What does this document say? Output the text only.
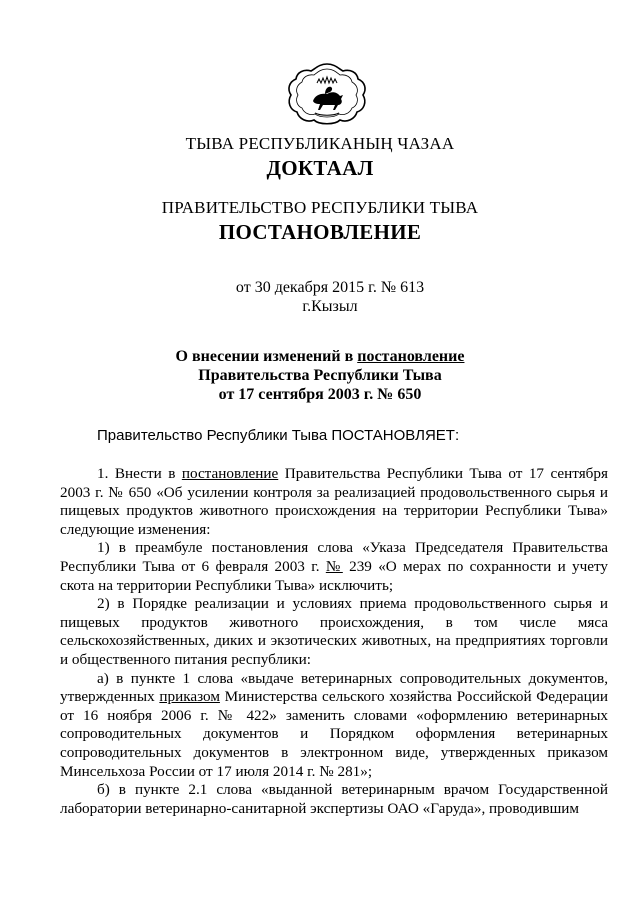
ТЫВА РЕСПУБЛИКАНЫҢ ЧАЗАА
ДОКТААЛ
ПРАВИТЕЛЬСТВО РЕСПУБЛИКИ ТЫВА
ПОСТАНОВЛЕНИЕ
от 30 декабря 2015 г. № 613
г.Кызыл
О внесении изменений в постановление
Правительства Республики Тыва
от 17 сентября 2003 г. № 650
Правительство Республики Тыва ПОСТАНОВЛЯЕТ:

1. Внести в постановление Правительства Республики Тыва от 17 сентября 2003 г. № 650 «Об усилении контроля за реализацией продовольственного сырья и пищевых продуктов животного происхождения на территории Республики Тыва» следующие изменения:

1) в преамбуле постановления слова «Указа Председателя Правительства Республики Тыва от 6 февраля 2003 г. № 239 «О мерах по сохранности и учету скота на территории Республики Тыва» исключить;

2) в Порядке реализации и условиях приема продовольственного сырья и пищевых продуктов животного происхождения, в том числе мяса сельскохозяйственных, диких и экзотических животных, на предприятиях торговли и общественного питания республики:

а) в пункте 1 слова «выдаче ветеринарных сопроводительных документов, утвержденных приказом Министерства сельского хозяйства Российской Федерации от 16 ноября 2006 г. № 422» заменить словами «оформлению ветеринарных сопроводительных документов и Порядком оформления ветеринарных сопроводительных документов в электронном виде, утвержденных приказом Минсельхоза России от 17 июля 2014 г. № 281»;

б) в пункте 2.1 слова «выданной ветеринарным врачом Государственной лаборатории ветеринарно-санитарной экспертизы ОАО «Гаруда», проводившим
